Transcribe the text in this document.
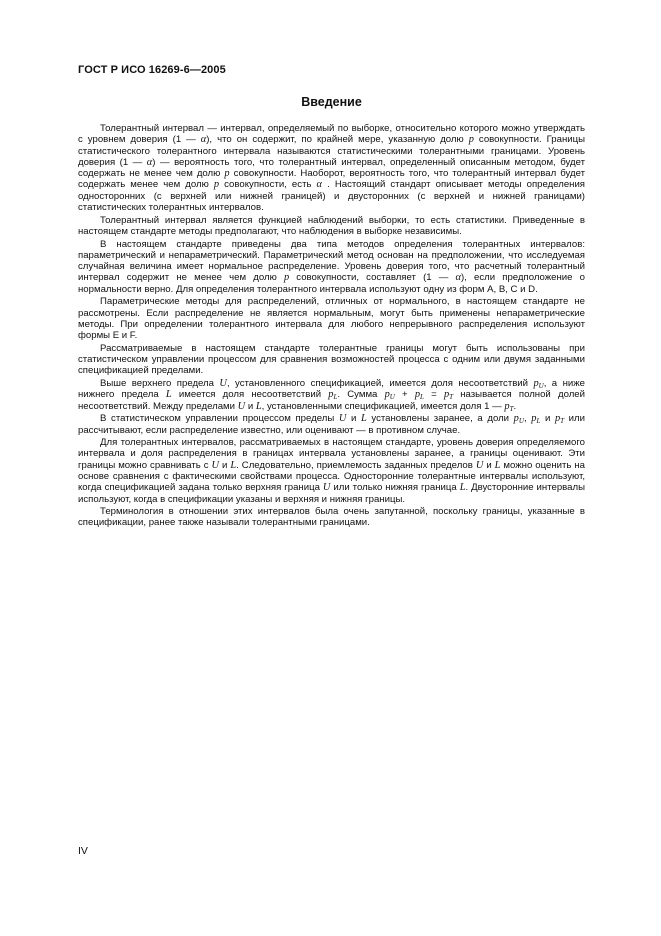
ГОСТ Р ИСО 16269-6—2005
Введение

Толерантный интервал — интервал, определяемый по выборке, относительно которого можно утверждать с уровнем доверия (1 — α), что он содержит, по крайней мере, указанную долю p совокупности. Границы статистического толерантного интервала называются статистическими толерантными границами. Уровень доверия (1 — α) — вероятность того, что толерантный интервал, определенный описанным методом, будет содержать не менее чем долю p совокупности. Наоборот, вероятность того, что толерантный интервал будет содержать менее чем долю p совокупности, есть α . Настоящий стандарт описывает методы определения односторонних (с верхней или нижней границей) и двусторонних (с верхней и нижней границами) статистических толерантных интервалов.

Толерантный интервал является функцией наблюдений выборки, то есть статистики. Приведенные в настоящем стандарте методы предполагают, что наблюдения в выборке независимы.

В настоящем стандарте приведены два типа методов определения толерантных интервалов: параметрический и непараметрический. Параметрический метод основан на предположении, что исследуемая случайная величина имеет нормальное распределение. Уровень доверия того, что расчетный толерантный интервал содержит не менее чем долю p совокупности, составляет (1 — α), если предположение о нормальности верно. Для определения толерантного интервала используют одну из форм A, B, C и D.

Параметрические методы для распределений, отличных от нормального, в настоящем стандарте не рассмотрены. Если распределение не является нормальным, могут быть применены непараметрические методы. При определении толерантного интервала для любого непрерывного распределения используют формы E и F.

Рассматриваемые в настоящем стандарте толерантные границы могут быть использованы при статистическом управлении процессом для сравнения возможностей процесса с одним или двумя заданными спецификацией пределами.

Выше верхнего предела U, установленного спецификацией, имеется доля несоответствий $p_U$, а ниже нижнего предела L имеется доля несоответствий $p_L$. Сумма $p_U + p_L = p_T$ называется полной долей несоответствий. Между пределами U и L, установленными спецификацией, имеется доля 1 — $p_T$.

В статистическом управлении процессом пределы U и L установлены заранее, а доли $p_U$, $p_L$ и $p_T$ или рассчитывают, если распределение известно, или оценивают — в противном случае.

Для толерантных интервалов, рассматриваемых в настоящем стандарте, уровень доверия определяемого интервала и доля распределения в границах интервала установлены заранее, а границы оценивают. Эти границы можно сравнивать с U и L. Следовательно, приемлемость заданных пределов U и L можно оценить на основе сравнения с фактическими свойствами процесса. Односторонние толерантные интервалы используют, когда спецификацией задана только верхняя граница U или только нижняя граница L. Двусторонние интервалы используют, когда в спецификации указаны и верхняя и нижняя границы.

Терминология в отношении этих интервалов была очень запутанной, поскольку границы, указанные в спецификации, ранее также называли толерантными границами.

IV
